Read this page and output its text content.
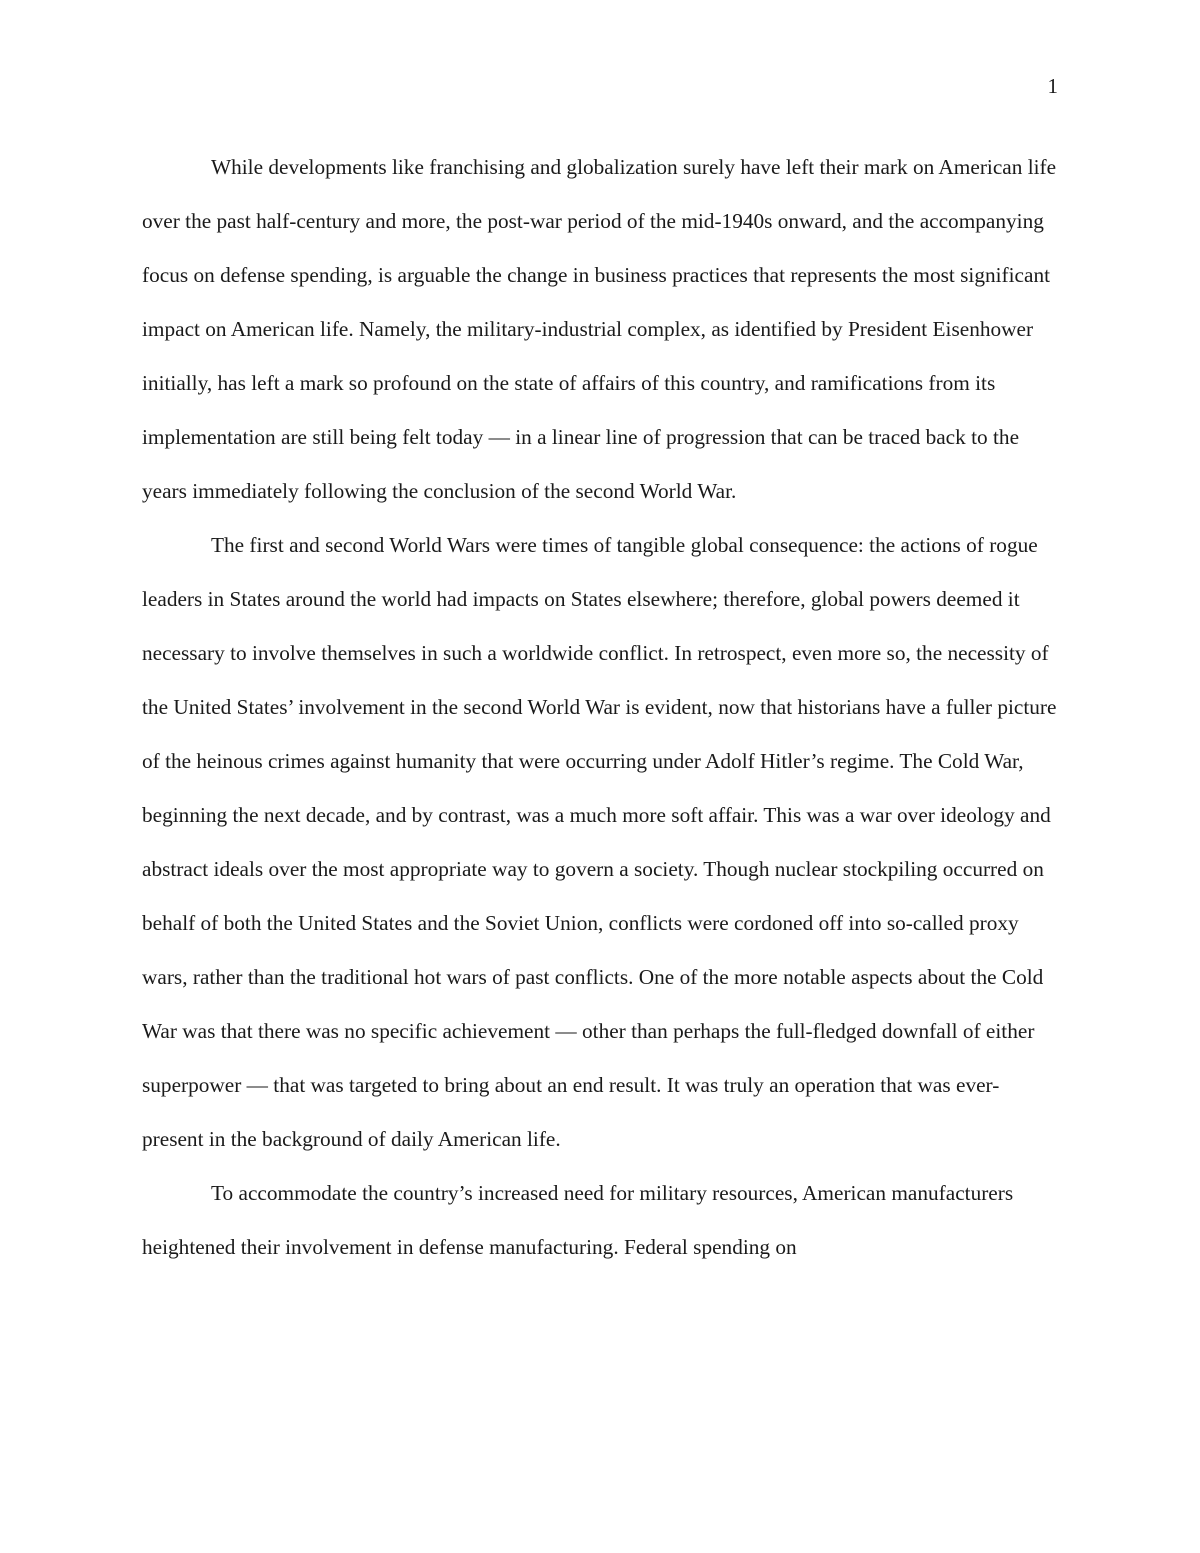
1

While developments like franchising and globalization surely have left their mark on American life over the past half-century and more, the post-war period of the mid-1940s onward, and the accompanying focus on defense spending, is arguable the change in business practices that represents the most significant impact on American life. Namely, the military-industrial complex, as identified by President Eisenhower initially, has left a mark so profound on the state of affairs of this country, and ramifications from its implementation are still being felt today — in a linear line of progression that can be traced back to the years immediately following the conclusion of the second World War.

The first and second World Wars were times of tangible global consequence: the actions of rogue leaders in States around the world had impacts on States elsewhere; therefore, global powers deemed it necessary to involve themselves in such a worldwide conflict. In retrospect, even more so, the necessity of the United States’ involvement in the second World War is evident, now that historians have a fuller picture of the heinous crimes against humanity that were occurring under Adolf Hitler’s regime. The Cold War, beginning the next decade, and by contrast, was a much more soft affair. This was a war over ideology and abstract ideals over the most appropriate way to govern a society. Though nuclear stockpiling occurred on behalf of both the United States and the Soviet Union, conflicts were cordoned off into so-called proxy wars, rather than the traditional hot wars of past conflicts. One of the more notable aspects about the Cold War was that there was no specific achievement — other than perhaps the full-fledged downfall of either superpower — that was targeted to bring about an end result. It was truly an operation that was ever-present in the background of daily American life.

To accommodate the country’s increased need for military resources, American manufacturers heightened their involvement in defense manufacturing. Federal spending on
